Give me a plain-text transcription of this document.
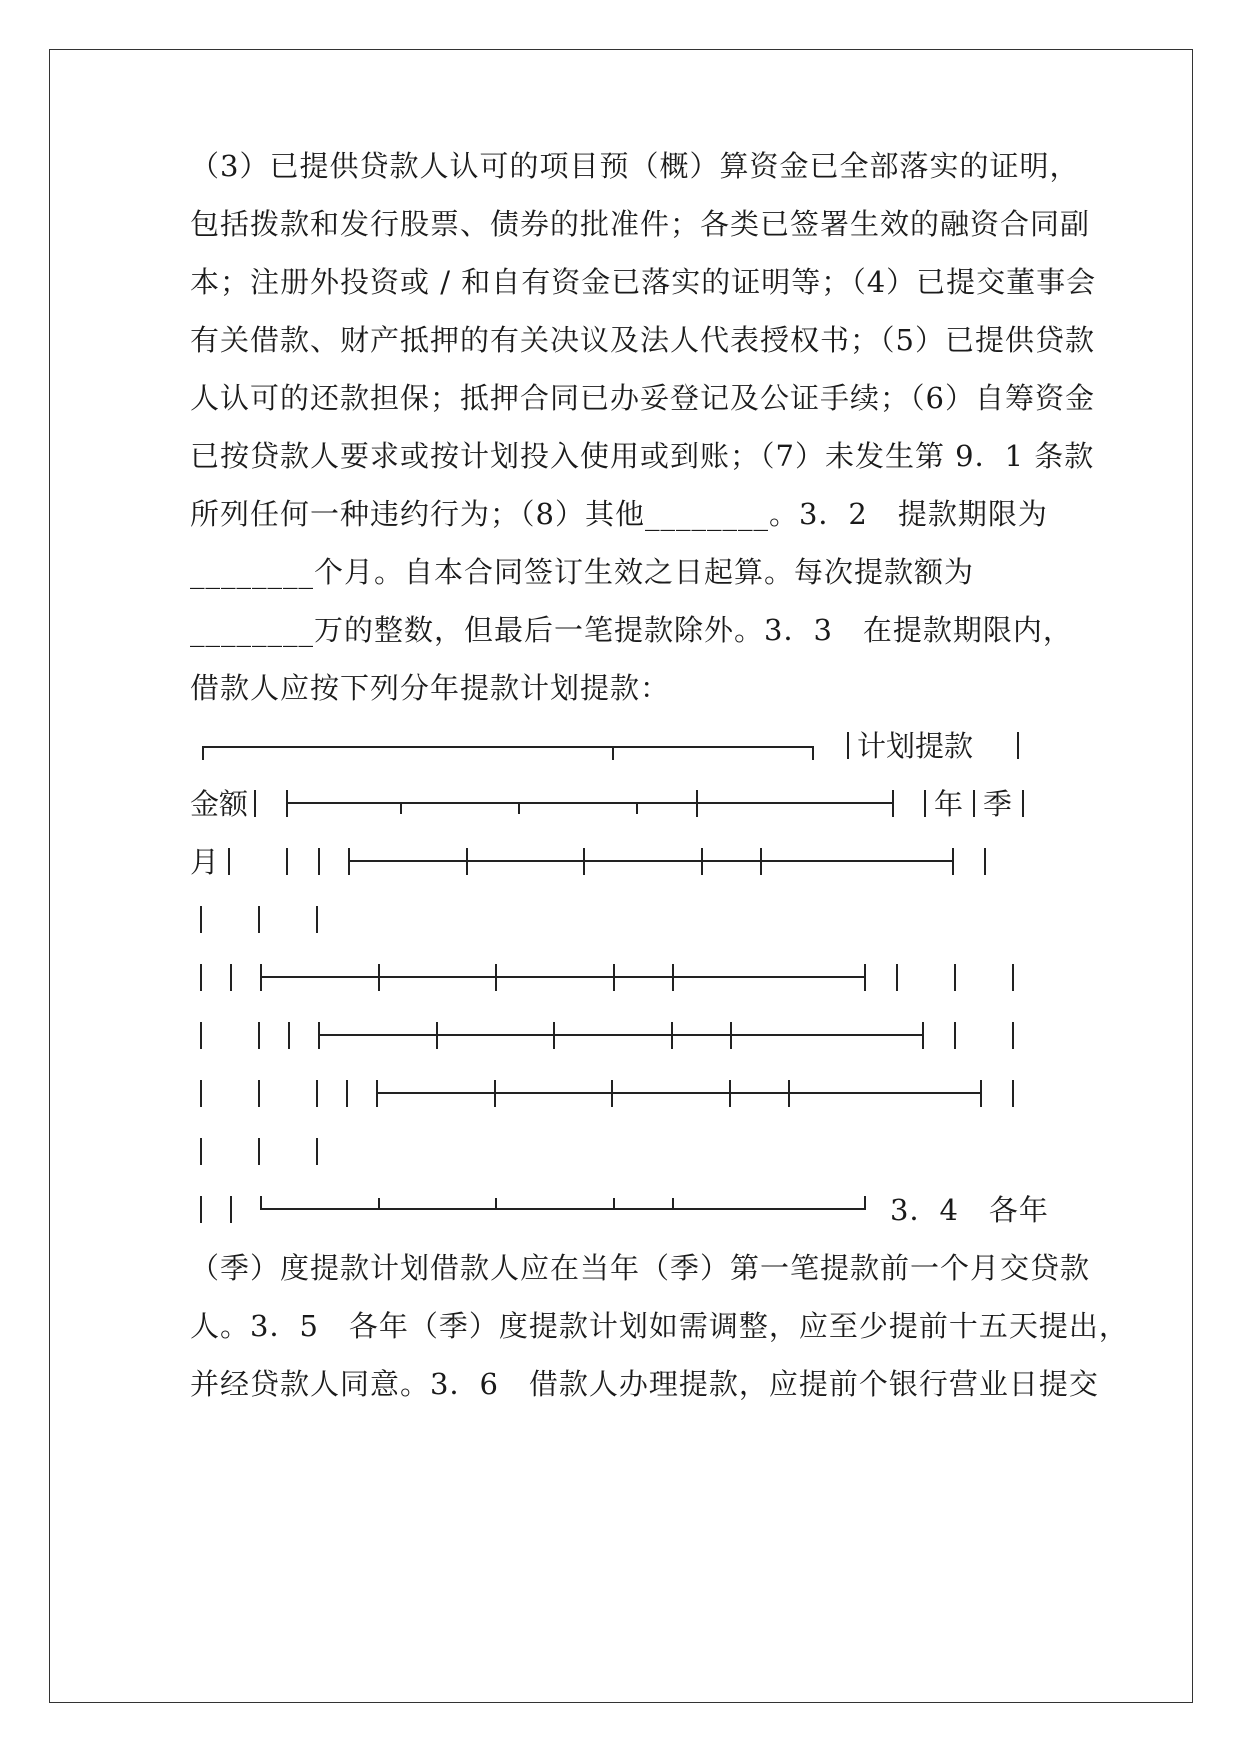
（3）已提供贷款人认可的项目预（概）算资金已全部落实的证明，
包括拨款和发行股票、债券的批准件；各类已签署生效的融资合同副
本；注册外投资或 / 和自有资金已落实的证明等；（4）已提交董事会
有关借款、财产抵押的有关决议及法人代表授权书；（5）已提供贷款
人认可的还款担保；抵押合同已办妥登记及公证手续；（6）自筹资金
已按贷款人要求或按计划投入使用或到账；（7）未发生第 9．1 条款
所列任何一种违约行为；（8）其他________。3．2　提款期限为
________个月。自本合同签订生效之日起算。每次提款额为
________万的整数，但最后一笔提款除外。3．3　在提款期限内，
借款人应按下列分年提款计划提款：
计划提款
金额	年 季
月
3．4　各年
（季）度提款计划借款人应在当年（季）第一笔提款前一个月交贷款
人。3．5　各年（季）度提款计划如需调整，应至少提前十五天提出，
并经贷款人同意。3．6　借款人办理提款，应提前个银行营业日提交
